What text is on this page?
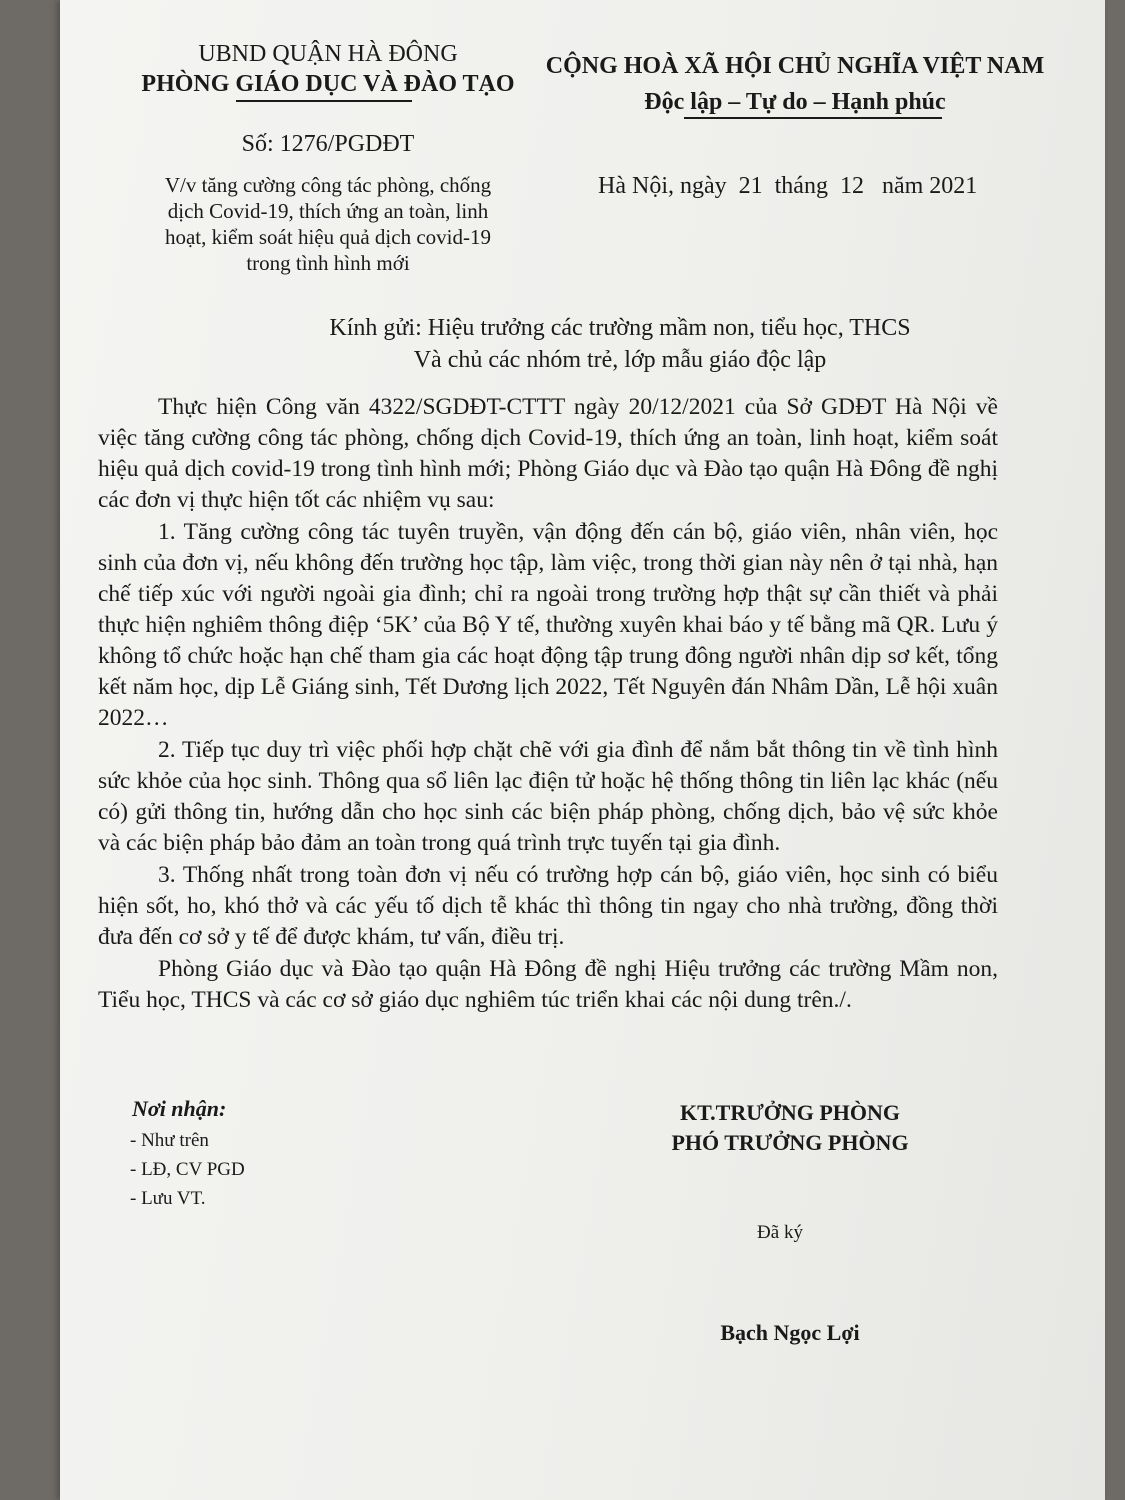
UBND QUẬN HÀ ĐÔNG
PHÒNG GIÁO DỤC VÀ ĐÀO TẠO
Số: 1276/PGDĐT
V/v tăng cường công tác phòng, chống
dịch Covid-19, thích ứng an toàn, linh
hoạt, kiểm soát hiệu quả dịch covid-19
trong tình hình mới
CỘNG HOÀ XÃ HỘI CHỦ NGHĨA VIỆT NAM
Độc lập – Tự do – Hạnh phúc
Hà Nội, ngày  21  tháng  12   năm 2021
Kính gửi: Hiệu trưởng các trường mầm non, tiểu học, THCS
Và chủ các nhóm trẻ, lớp mẫu giáo độc lập

Thực hiện Công văn 4322/SGDĐT-CTTT ngày 20/12/2021 của Sở GDĐT Hà Nội về việc tăng cường công tác phòng, chống dịch Covid-19, thích ứng an toàn, linh hoạt, kiểm soát hiệu quả dịch covid-19 trong tình hình mới; Phòng Giáo dục và Đào tạo quận Hà Đông đề nghị các đơn vị thực hiện tốt các nhiệm vụ sau:

1. Tăng cường công tác tuyên truyền, vận động đến cán bộ, giáo viên, nhân viên, học sinh của đơn vị, nếu không đến trường học tập, làm việc, trong thời gian này nên ở tại nhà, hạn chế tiếp xúc với người ngoài gia đình; chỉ ra ngoài trong trường hợp thật sự cần thiết và phải thực hiện nghiêm thông điệp ‘5K’ của Bộ Y tế, thường xuyên khai báo y tế bằng mã QR. Lưu ý không tổ chức hoặc hạn chế tham gia các hoạt động tập trung đông người nhân dịp sơ kết, tổng kết năm học, dịp Lễ Giáng sinh, Tết Dương lịch 2022, Tết Nguyên đán Nhâm Dần, Lễ hội xuân 2022…

2. Tiếp tục duy trì việc phối hợp chặt chẽ với gia đình để nắm bắt thông tin về tình hình sức khỏe của học sinh. Thông qua sổ liên lạc điện tử hoặc hệ thống thông tin liên lạc khác (nếu có) gửi thông tin, hướng dẫn cho học sinh các biện pháp phòng, chống dịch, bảo vệ sức khỏe và các biện pháp bảo đảm an toàn trong quá trình trực tuyến tại gia đình.

3. Thống nhất trong toàn đơn vị nếu có trường hợp cán bộ, giáo viên, học sinh có biểu hiện sốt, ho, khó thở và các yếu tố dịch tễ khác thì thông tin ngay cho nhà trường, đồng thời đưa đến cơ sở y tế để được khám, tư vấn, điều trị.

Phòng Giáo dục và Đào tạo quận Hà Đông đề nghị Hiệu trưởng các trường Mầm non, Tiểu học, THCS và các cơ sở giáo dục nghiêm túc triển khai các nội dung trên./.

Nơi nhận:
- Như trên
- LĐ, CV PGD
- Lưu VT.
KT.TRƯỞNG PHÒNG
PHÓ TRƯỞNG PHÒNG
Đã ký
Bạch Ngọc Lợi
